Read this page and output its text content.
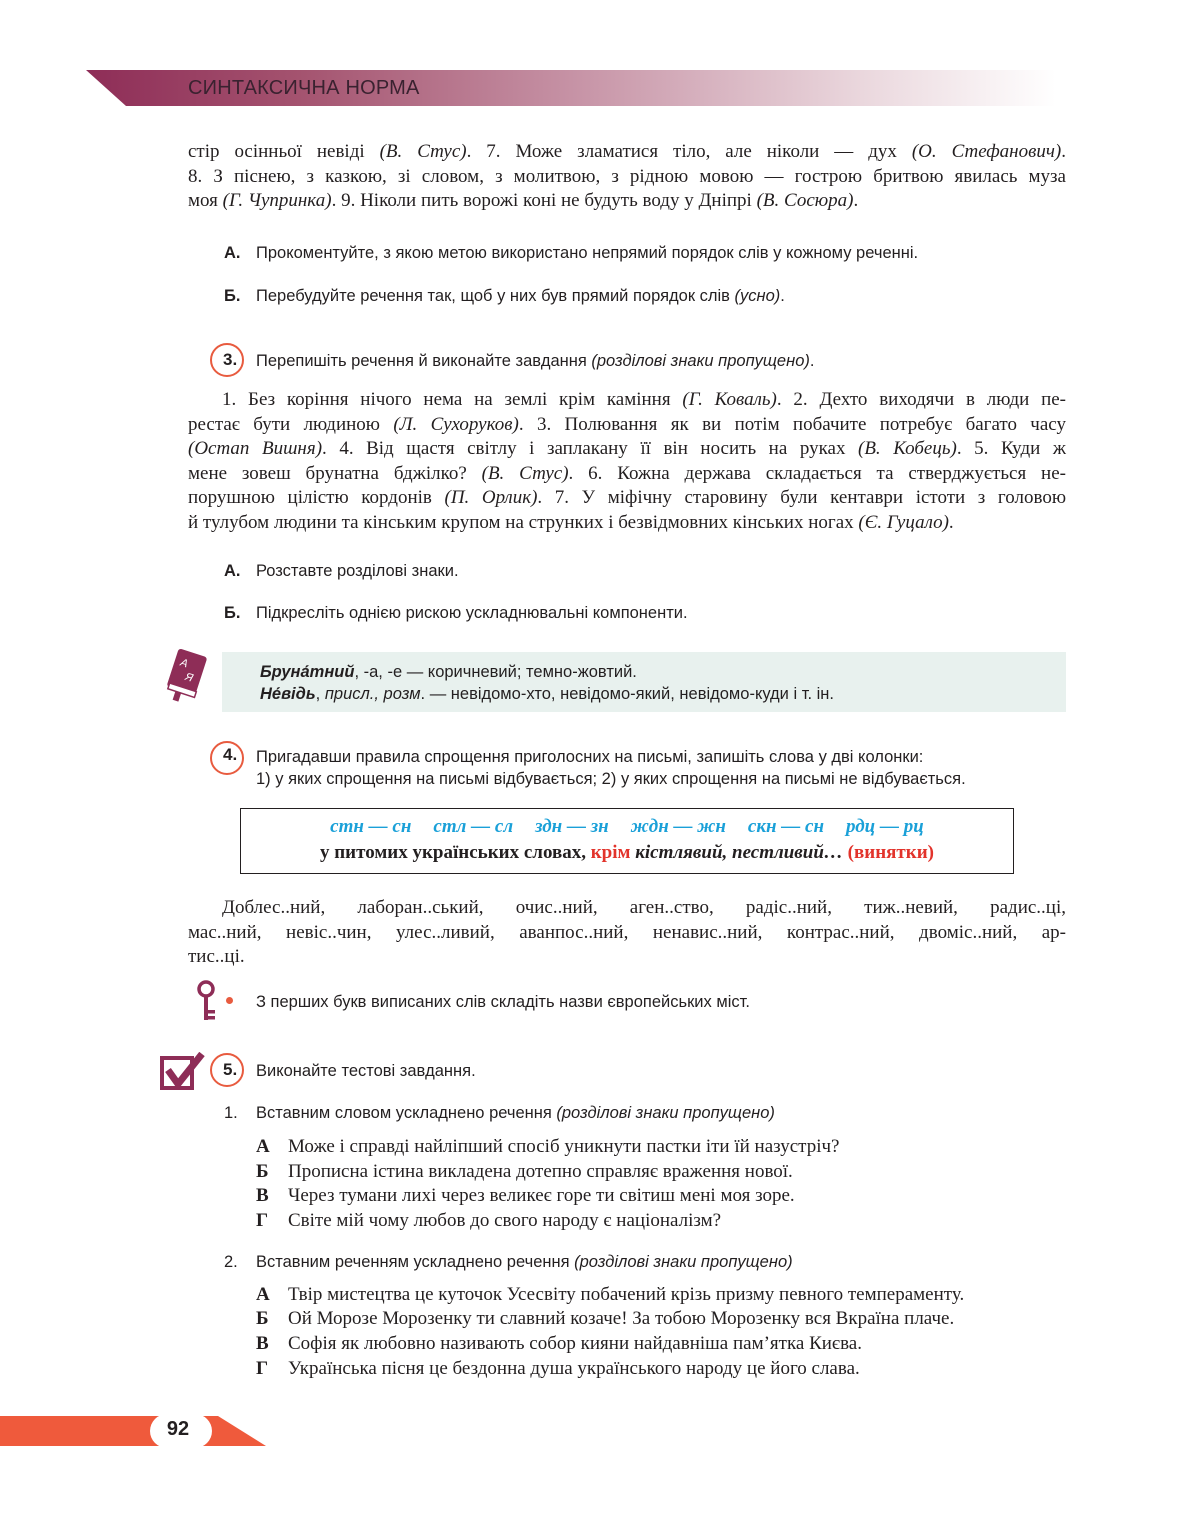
СИНТАКСИЧНА НОРМА
стір осінньої невіді (В. Стус). 7. Може зламатися тіло, але ніколи — дух (О. Стефанович).
8. З піснею, з казкою, зі словом, з молитвою, з рідною мовою — гострою бритвою явилась муза
моя (Г. Чупринка). 9. Ніколи пить ворожі коні не будуть воду у Дніпрі (В. Сосюра).
А. Прокоментуйте, з якою метою використано непрямий порядок слів у кожному реченні.
Б. Перебудуйте речення так, щоб у них був прямий порядок слів (усно).
3. Перепишіть речення й виконайте завдання (розділові знаки пропущено).
1. Без коріння нічого нема на землі крім каміння (Г. Коваль). 2. Дехто виходячи в люди пе-
рестає бути людиною (Л. Сухоруков). 3. Полювання як ви потім побачите потребує багато часу
(Остап Вишня). 4. Від щастя світлу і заплакану її він носить на руках (В. Кобець). 5. Куди ж
мене зовеш брунатна бджілко? (В. Стус). 6. Кожна держава складається та стверджується не-
порушною цілістю кордонів (П. Орлик). 7. У міфічну старовину були кентаври істоти з головою
й тулубом людини та кінським крупом на струнких і безвідмовних кінських ногах (Є. Гуцало).
А. Розставте розділові знаки.
Б. Підкресліть однією рискою ускладнювальні компоненти.
А
Я	Бруна́тний, -а, -е — коричневий; темно-жовтий.
Не́вiдь, присл., розм. — невідомо-хто, невідомо-який, невідомо-куди і т. ін.
4. Пригадавши правила спрощення приголосних на письмі, запишіть слова у дві колонки:
1) у яких спрощення на письмі відбувається; 2) у яких спрощення на письмі не відбувається.
стн — сн стл — сл здн — зн ждн — жн скн — сн рдц — рц
у питомих українських словах, крім кістлявий, пестливий… (винятки)
Доблес..ний, лаборан..ський, очис..ний, аген..ство, радіс..ний, тиж..невий, радис..ці,
мас..ний, невіс..чин, улес..ливий, аванпос..ний, ненавис..ний, контрас..ний, двоміс..ний, ар-
тис..ці.
З перших букв виписаних слів складіть назви європейських міст.
5. Виконайте тестові завдання.
1. Вставним словом ускладнено речення (розділові знаки пропущено)
А Може і справді найліпший спосіб уникнути пастки іти їй назустріч?
Б Прописна істина викладена дотепно справляє враження нової.
В Через тумани лихі через великеє горе ти світиш мені моя зоре.
Г Світе мій чому любов до свого народу є націоналізм?
2. Вставним реченням ускладнено речення (розділові знаки пропущено)
А Твір мистецтва це куточок Усесвіту побачений крізь призму певного темпераменту.
Б Ой Морозе Морозенку ти славний козаче! За тобою Морозенку вся Вкраїна плаче.
В Софія як любовно називають собор кияни найдавніша пам’ятка Києва.
Г Українська пісня це бездонна душа українського народу це його слава.
92
